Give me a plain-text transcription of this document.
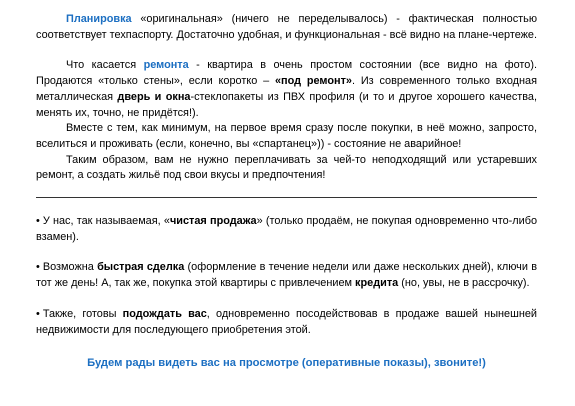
Планировка «оригинальная» (ничего не переделывалось) - фактическая полностью соответствует техпаспорту. Достаточно удобная, и функциональная - всё видно на плане-чертеже.

Что касается ремонта - квартира в очень простом состоянии (все видно на фото). Продаются «только стены», если коротко – «под ремонт». Из современного только входная металлическая дверь и окна-стеклопакеты из ПВХ профиля (и то и другое хорошего качества, менять их, точно, не придётся!).

Вместе с тем, как минимум, на первое время сразу после покупки, в неё можно, запросто, вселиться и проживать (если, конечно, вы «спартанец»)) - состояние не аварийное!

Таким образом, вам не нужно переплачивать за чей-то неподходящий или устаревших ремонт, а создать жильё под свои вкусы и предпочтения!

• У нас, так называемая, «чистая продажа» (только продаём, не покупая одновременно что-либо взамен).

• Возможна быстрая сделка (оформление в течение недели или даже нескольких дней), ключи в тот же день! А, так же, покупка этой квартиры с привлечением кредита (но, увы, не в рассрочку).

• Также, готовы подождать вас, одновременно посодействовав в продаже вашей нынешней недвижимости для последующего приобретения этой.

Будем рады видеть вас на просмотре (оперативные показы), звоните!)
